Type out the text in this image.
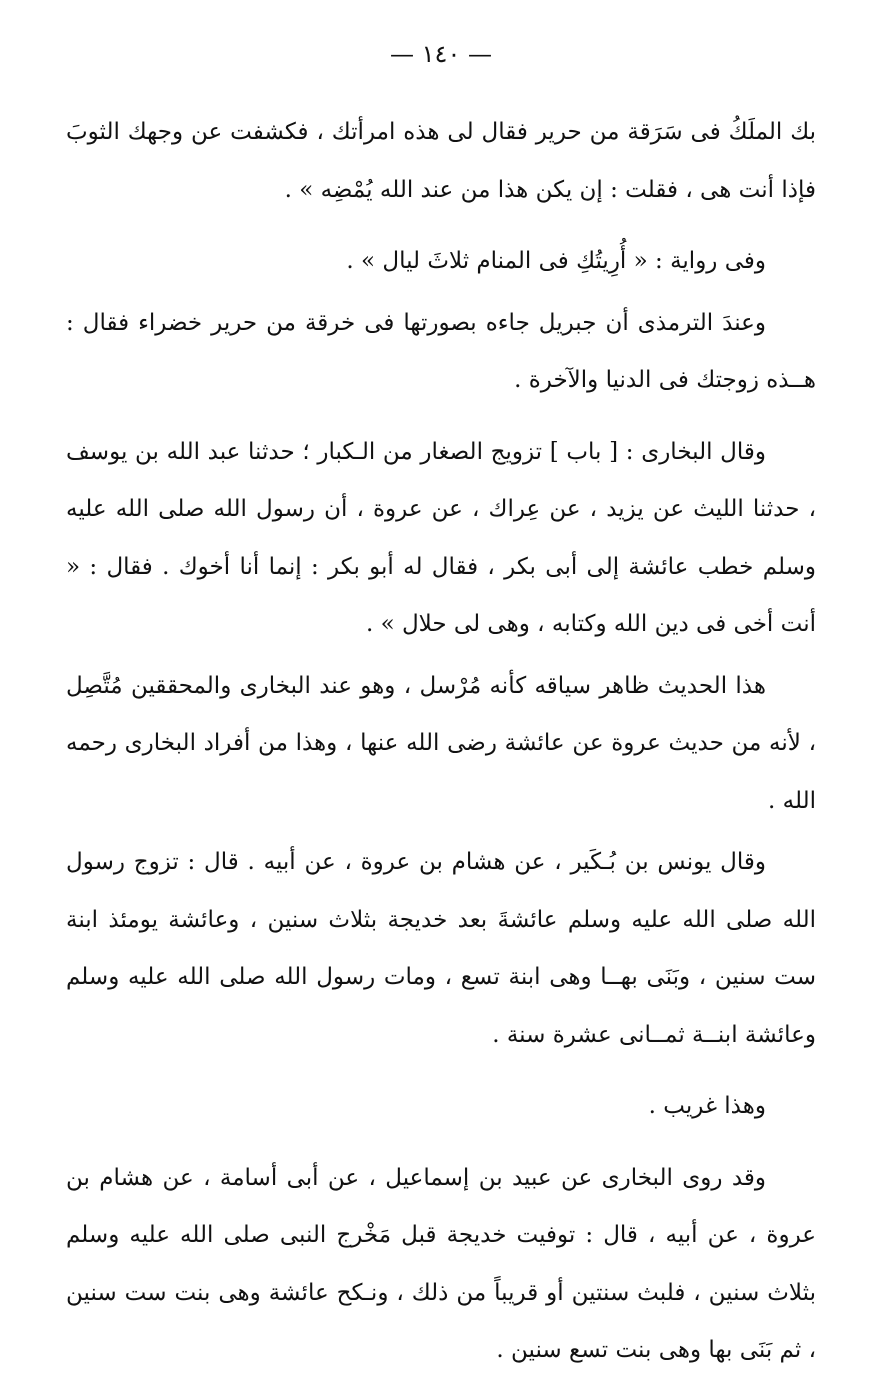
— ١٤٠ —

بك الملَكُ فى سَرَقة من حرير فقال لى هذه امرأتك ، فكشفت عن وجهك الثوبَ فإذا أنت هى ، فقلت : إن يكن هذا من عند الله يُمْضِه » .

وفى رواية : « أُرِيتُكِ فى المنام ثلاثَ ليال » .

وعندَ الترمذى أن جبريل جاءه بصورتها فى خرقة من حرير خضراء فقال : هــذه زوجتك فى الدنيا والآخرة .

وقال البخارى : [ باب ] تزويج الصغار من الـكبار ؛ حدثنا عبد الله بن يوسف ، حدثنا الليث عن يزيد ، عن عِراك ، عن عروة ، أن رسول الله صلى الله عليه وسلم خطب عائشة إلى أبى بكر ، فقال له أبو بكر : إنما أنا أخوك . فقال : « أنت أخى فى دين الله وكتابه ، وهى لى حلال » .

هذا الحديث ظاهر سياقه كأنه مُرْسل ، وهو عند البخارى والمحققين مُتَّصِل ، لأنه من حديث عروة عن عائشة رضى الله عنها ، وهذا من أفراد البخارى رحمه الله .

وقال يونس بن بُـكَير ، عن هشام بن عروة ، عن أبيه . قال : تزوج رسول الله صلى الله عليه وسلم عائشةَ بعد خديجة بثلاث سنين ، وعائشة يومئذ ابنة ست سنين ، وبَنَى بهــا وهى ابنة تسع ، ومات رسول الله صلى الله عليه وسلم وعائشة ابنــة ثمــانى عشرة سنة .

وهذا غريب .

وقد روى البخارى عن عبيد بن إسماعيل ، عن أبى أسامة ، عن هشام بن عروة ، عن أبيه ، قال : توفيت خديجة قبل مَخْرج النبى صلى الله عليه وسلم بثلاث سنين ، فلبث سنتين أو قريباً من ذلك ، ونـكح عائشة وهى بنت ست سنين ، ثم بَنَى بها وهى بنت تسع سنين .
